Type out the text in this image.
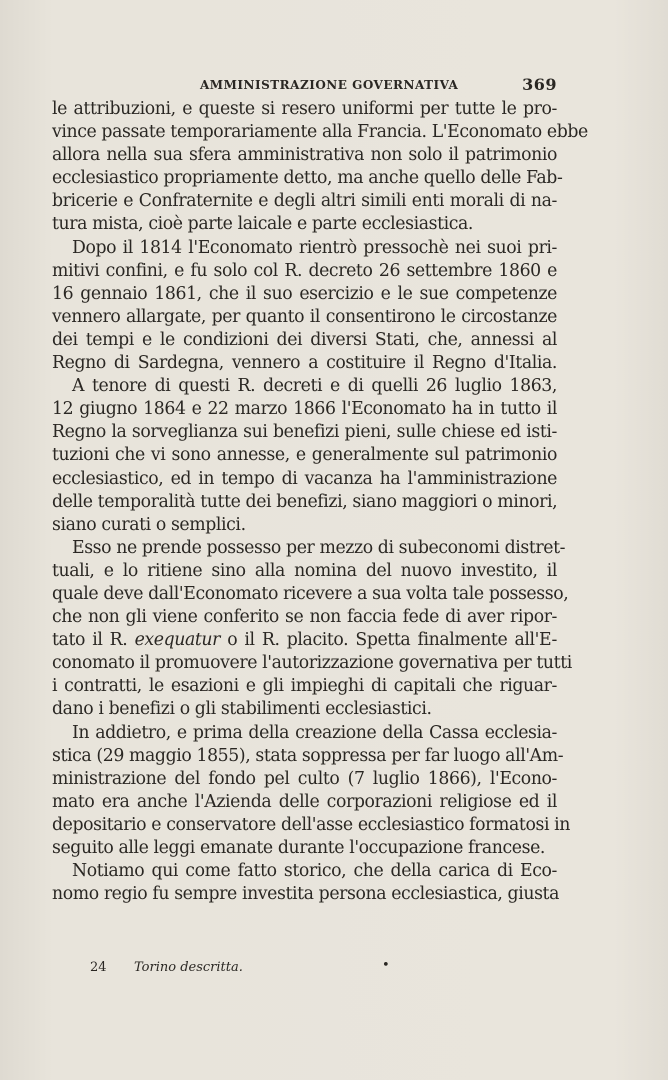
AMMINISTRAZIONE GOVERNATIVA	369
le attribuzioni, e queste si resero uniformi per tutte le pro-
vince passate temporariamente alla Francia. L'Economato ebbe
allora nella sua sfera amministrativa non solo il patrimonio
ecclesiastico propriamente detto, ma anche quello delle Fab-
bricerie e Confraternite e degli altri simili enti morali di na-
tura mista, cioè parte laicale e parte ecclesiastica.
Dopo il 1814 l'Economato rientrò pressochè nei suoi pri-
mitivi confini, e fu solo col R. decreto 26 settembre 1860 e
16 gennaio 1861, che il suo esercizio e le sue competenze
vennero allargate, per quanto il consentirono le circostanze
dei tempi e le condizioni dei diversi Stati, che, annessi al
Regno di Sardegna, vennero a costituire il Regno d'Italia.
A tenore di questi R. decreti e di quelli 26 luglio 1863,
12 giugno 1864 e 22 marzo 1866 l'Economato ha in tutto il
Regno la sorveglianza sui benefizi pieni, sulle chiese ed isti-
tuzioni che vi sono annesse, e generalmente sul patrimonio
ecclesiastico, ed in tempo di vacanza ha l'amministrazione
delle temporalità tutte dei benefizi, siano maggiori o minori,
siano curati o semplici.
Esso ne prende possesso per mezzo di subeconomi distret-
tuali, e lo ritiene sino alla nomina del nuovo investito, il
quale deve dall'Economato ricevere a sua volta tale possesso,
che non gli viene conferito se non faccia fede di aver ripor-
tato il R. exequatur o il R. placito. Spetta finalmente all'E-
conomato il promuovere l'autorizzazione governativa per tutti
i contratti, le esazioni e gli impieghi di capitali che riguar-
dano i benefizi o gli stabilimenti ecclesiastici.
In addietro, e prima della creazione della Cassa ecclesia-
stica (29 maggio 1855), stata soppressa per far luogo all'Am-
ministrazione del fondo pel culto (7 luglio 1866), l'Econo-
mato era anche l'Azienda delle corporazioni religiose ed il
depositario e conservatore dell'asse ecclesiastico formatosi in
seguito alle leggi emanate durante l'occupazione francese.
Notiamo qui come fatto storico, che della carica di Eco-
nomo regio fu sempre investita persona ecclesiastica, giusta
24 Torino descritta.	•
